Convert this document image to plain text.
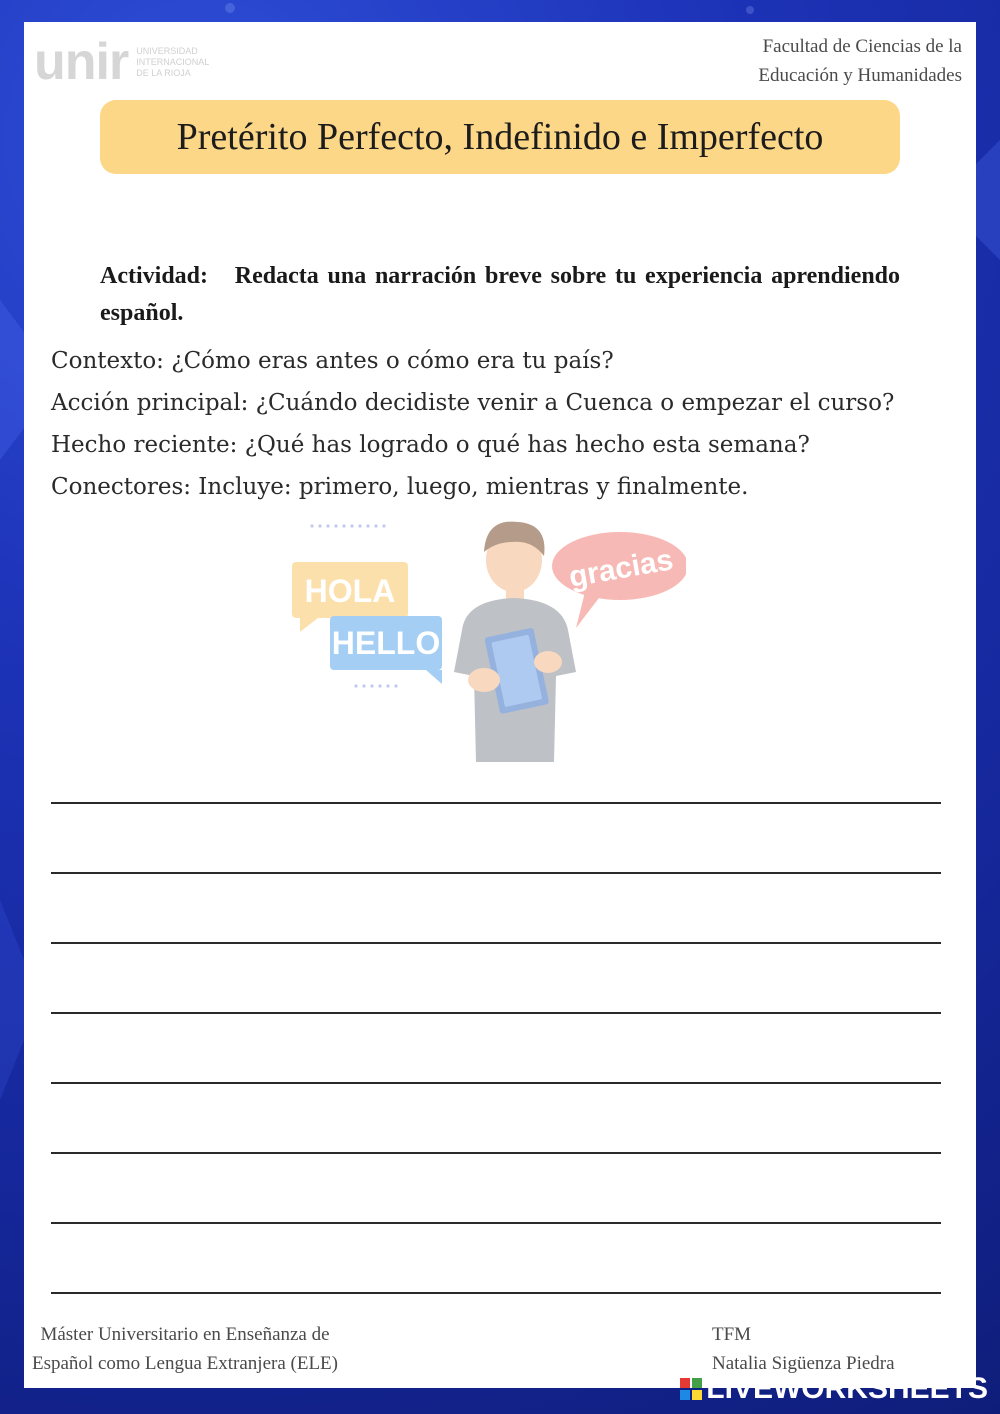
unir UNIVERSIDAD
INTERNACIONAL
DE LA RIOJA
Facultad de Ciencias de la
Educación y Humanidades
Pretérito Perfecto, Indefinido e Imperfecto
Actividad: Redacta una narración breve sobre tu experiencia aprendiendo español.
Contexto: ¿Cómo eras antes o cómo era tu país?
Acción principal: ¿Cuándo decidiste venir a Cuenca o empezar el curso?
Hecho reciente: ¿Qué has logrado o qué has hecho esta semana?
Conectores: Incluye: primero, luego, mientras y finalmente.
HOLA
HELLO
gracias
Máster Universitario en Enseñanza de
Español como Lengua Extranjera (ELE)
TFM
Natalia Sigüenza Piedra
LIVEWORKSHEETS
